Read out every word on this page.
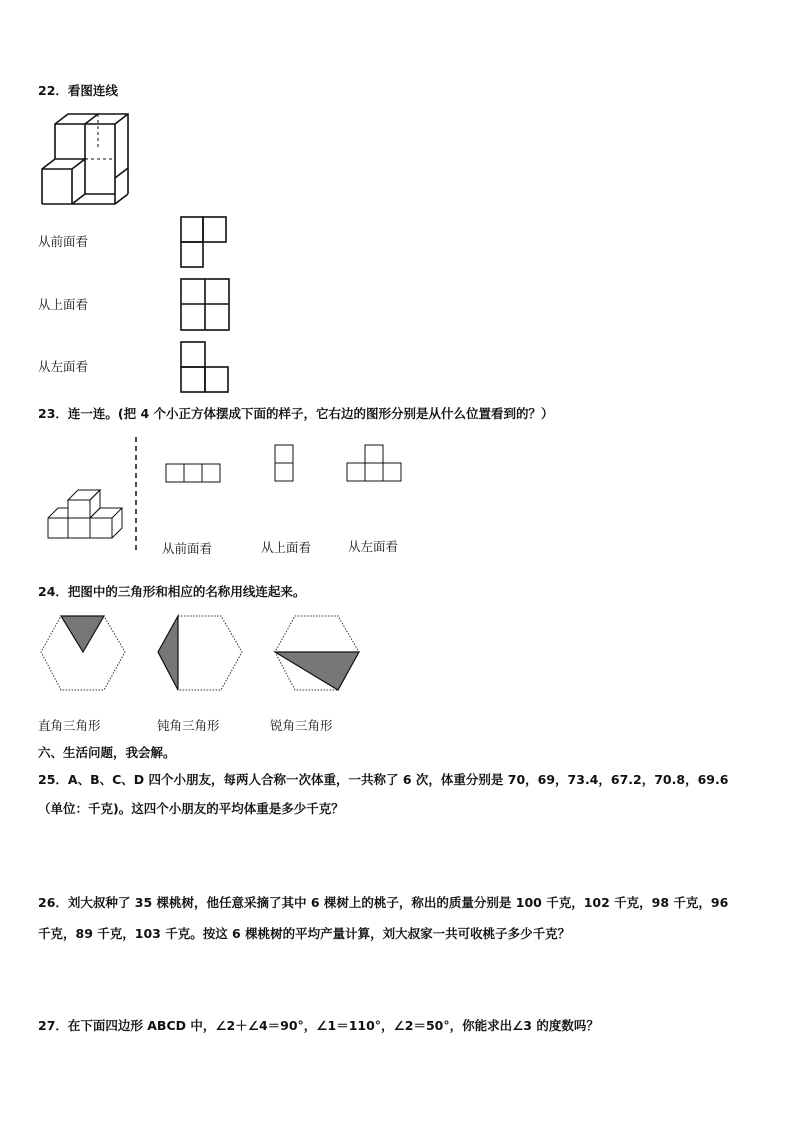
22．看图连线
从前面看
从上面看
从左面看
23．连一连。(把 4 个小正方体摆成下面的样子，它右边的图形分别是从什么位置看到的？）
从前面看	从上面看	从左面看
24．把图中的三角形和相应的名称用线连起来。
直角三角形	钝角三角形	锐角三角形
六、生活问题，我会解。
25．A、B、C、D 四个小朋友，每两人合称一次体重，一共称了 6 次，体重分别是 70，69，73.4，67.2，70.8，69.6
（单位：千克)。这四个小朋友的平均体重是多少千克？
26．刘大叔种了 35 棵桃树，他任意采摘了其中 6 棵树上的桃子，称出的质量分别是 100 千克，102 千克，98 千克，96
千克，89 千克，103 千克。按这 6 棵桃树的平均产量计算，刘大叔家一共可收桃子多少千克？
27．在下面四边形 ABCD 中，∠2＋∠4＝90°，∠1＝110°，∠2＝50°，你能求出∠3 的度数吗？
